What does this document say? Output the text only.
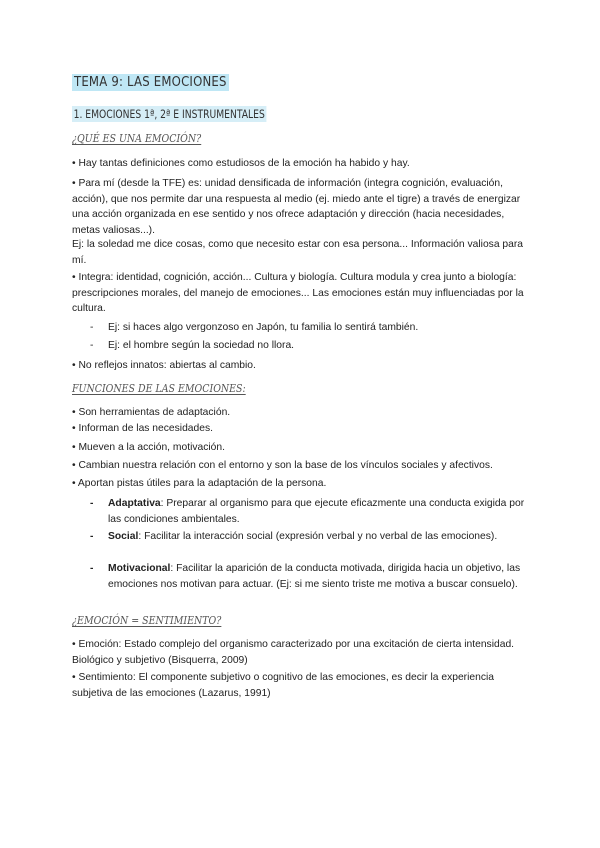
TEMA 9: LAS EMOCIONES
1. EMOCIONES 1ª, 2ª E INSTRUMENTALES
¿QUÉ ES UNA EMOCIÓN?
• Hay tantas definiciones como estudiosos de la emoción ha habido y hay.
• Para mí (desde la TFE) es: unidad densificada de información (integra cognición, evaluación, acción), que nos permite dar una respuesta al medio (ej. miedo ante el tigre) a través de energizar una acción organizada en ese sentido y nos ofrece adaptación y dirección (hacia necesidades, metas valiosas...).
Ej: la soledad me dice cosas, como que necesito estar con esa persona... Información valiosa para mí.
• Integra: identidad, cognición, acción... Cultura y biología. Cultura modula y crea junto a biología: prescripciones morales, del manejo de emociones... Las emociones están muy influenciadas por la cultura.
- Ej: si haces algo vergonzoso en Japón, tu familia lo sentirá también.
- Ej: el hombre según la sociedad no llora.
• No reflejos innatos: abiertas al cambio.
FUNCIONES DE LAS EMOCIONES:
• Son herramientas de adaptación.
• Informan de las necesidades.
• Mueven a la acción, motivación.
• Cambian nuestra relación con el entorno y son la base de los vínculos sociales y afectivos.
• Aportan pistas útiles para la adaptación de la persona.
- Adaptativa: Preparar al organismo para que ejecute eficazmente una conducta exigida por las condiciones ambientales.
- Social: Facilitar la interacción social (expresión verbal y no verbal de las emociones).
- Motivacional: Facilitar la aparición de la conducta motivada, dirigida hacia un objetivo, las emociones nos motivan para actuar. (Ej: si me siento triste me motiva a buscar consuelo).
¿EMOCIÓN = SENTIMIENTO?
• Emoción: Estado complejo del organismo caracterizado por una excitación de cierta intensidad. Biológico y subjetivo (Bisquerra, 2009)
• Sentimiento: El componente subjetivo o cognitivo de las emociones, es decir la experiencia subjetiva de las emociones (Lazarus, 1991)
